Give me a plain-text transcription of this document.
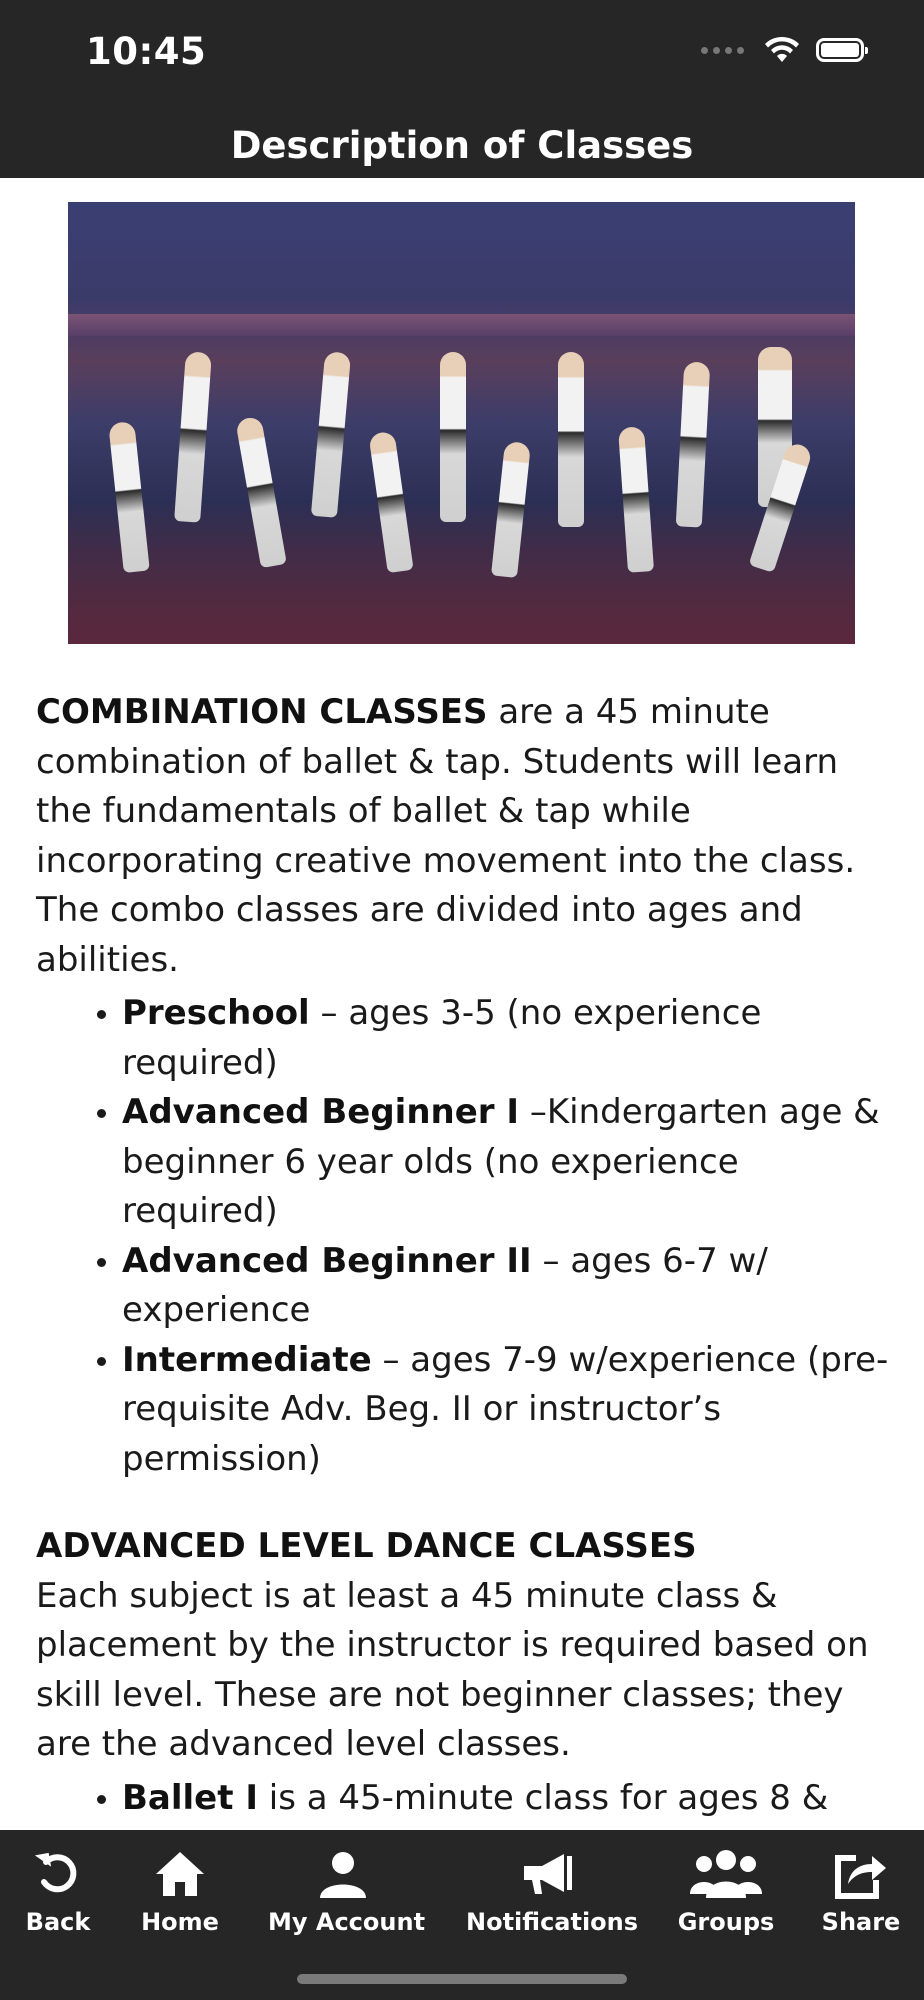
10:45
Description of Classes

COMBINATION CLASSES are a 45 minute combination of ballet & tap. Students will learn the fundamentals of ballet & tap while incorporating creative movement into the class. The combo classes are divided into ages and abilities.

• Preschool – ages 3-5 (no experience required)
• Advanced Beginner I –Kindergarten age & beginner 6 year olds (no experience required)
• Advanced Beginner II – ages 6-7 w/ experience
• Intermediate – ages 7-9 w/experience (pre-requisite Adv. Beg. II or instructor’s permission)

ADVANCED LEVEL DANCE CLASSES

Each subject is at least a 45 minute class & placement by the instructor is required based on skill level. These are not beginner classes; they are the advanced level classes.

• Ballet I is a 45-minute class for ages 8 &
Back	Home	My Account Notifications Groups Share
